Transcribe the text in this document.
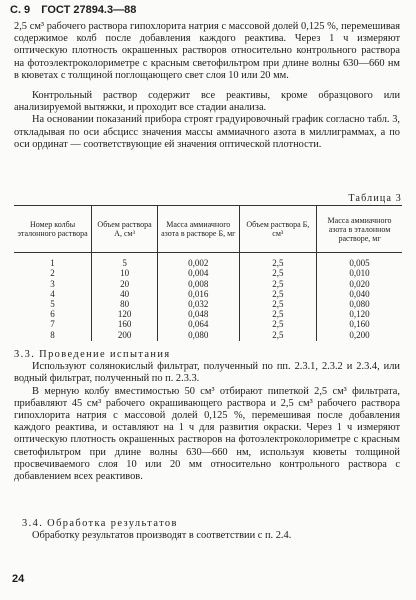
С. 9 ГОСТ 27894.3—88

2,5 см³ рабочего раствора гипохлорита натрия с массовой долей 0,125 %, перемешивая содержимое колб после добавления каждого реактива. Через 1 ч измеряют оптическую плотность окрашенных растворов относительно контрольного раствора на фотоэлектроколориметре с красным светофильтром при длине волны 630—660 нм в кюветах с толщиной поглощающего свет слоя 10 или 20 мм.

Контрольный раствор содержит все реактивы, кроме образцового или анализируемой вытяжки, и проходит все стадии анализа.

На основании показаний прибора строят градуировочный график согласно табл. 3, откладывая по оси абсцисс значения массы аммиачного азота в миллиграммах, а по оси ординат — соответствующие ей значения оптической плотности.

Таблица 3
Номер колбы эталонного раствора	Объем раствора А, см³	Масса аммиачного азота в растворе Б, мг	Объем раствора Б, см³	Масса аммиачного азота в эталонном растворе, мг
1	5	0,002	2,5	0,005
2	10	0,004	2,5	0,010
3	20	0,008	2,5	0,020
4	40	0,016	2,5	0,040
5	80	0,032	2,5	0,080
6	120	0,048	2,5	0,120
7	160	0,064	2,5	0,160
8	200	0,080	2,5	0,200

3.3. Проведение испытания

Используют солянокислый фильтрат, полученный по пп. 2.3.1, 2.3.2 и 2.3.4, или водный фильтрат, полученный по п. 2.3.3.

В мерную колбу вместимостью 50 см³ отбирают пипеткой 2,5 см³ фильтрата, прибавляют 45 см³ рабочего окрашивающего раствора и 2,5 см³ рабочего раствора гипохлорита натрия с массовой долей 0,125 %, перемешивая после добавления каждого реактива, и оставляют на 1 ч для развития окраски. Через 1 ч измеряют оптическую плотность окрашенных растворов на фотоэлектроколориметре с красным светофильтром при длине волны 630—660 нм, используя кюветы толщиной просвечиваемого слоя 10 или 20 мм относительно контрольного раствора с добавлением всех реактивов.

3.4. Обработка результатов

Обработку результатов производят в соответствии с п. 2.4.

24
